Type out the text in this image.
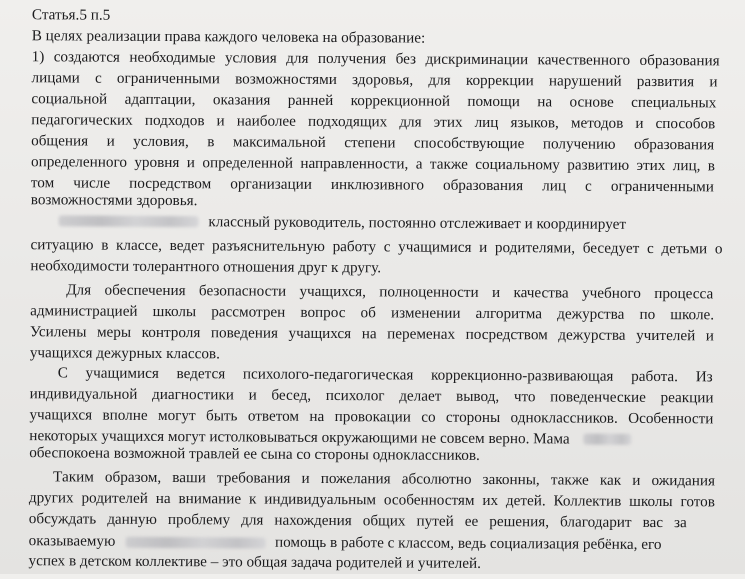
Статья.5 п.5
В целях реализации права каждого человека на образование:
1) создаются необходимые условия для получения без дискриминации качественного образования
лицами с ограниченными возможностями здоровья, для коррекции нарушений развития и
социальной адаптации, оказания ранней коррекционной помощи на основе специальных
педагогических подходов и наиболее подходящих для этих лиц языков, методов и способов
общения и условия, в максимальной степени способствующие получению образования
определенного уровня и определенной направленности, а также социальному развитию этих лиц, в
том числе посредством организации инклюзивного образования лиц с ограниченными
возможностями здоровья.
классный руководитель, постоянно отслеживает и координирует
ситуацию в классе, ведет разъяснительную работу с учащимися и родителями, беседует с детьми о
необходимости толерантного отношения друг к другу.
Для обеспечения безопасности учащихся, полноценности и качества учебного процесса
администрацией школы рассмотрен вопрос об изменении алгоритма дежурства по школе.
Усилены меры контроля поведения учащихся на переменах посредством дежурства учителей и
учащихся дежурных классов.
С учащимися ведется психолого-педагогическая коррекционно-развивающая работа. Из
индивидуальной диагностики и бесед, психолог делает вывод, что поведенческие реакции
учащихся вполне могут быть ответом на провокации со стороны одноклассников. Особенности
некоторых учащихся могут истолковываться окружающими не совсем верно. Мама
обеспокоена возможной травлей ее сына со стороны одноклассников.
Таким образом, ваши требования и пожелания абсолютно законны, также как и ожидания
других родителей на внимание к индивидуальным особенностям их детей. Коллектив школы готов
обсуждать данную проблему для нахождения общих путей ее решения, благодарит вас за
оказываемую	помощь в работе с классом, ведь социализация ребёнка, его
успех в детском коллективе – это общая задача родителей и учителей.
